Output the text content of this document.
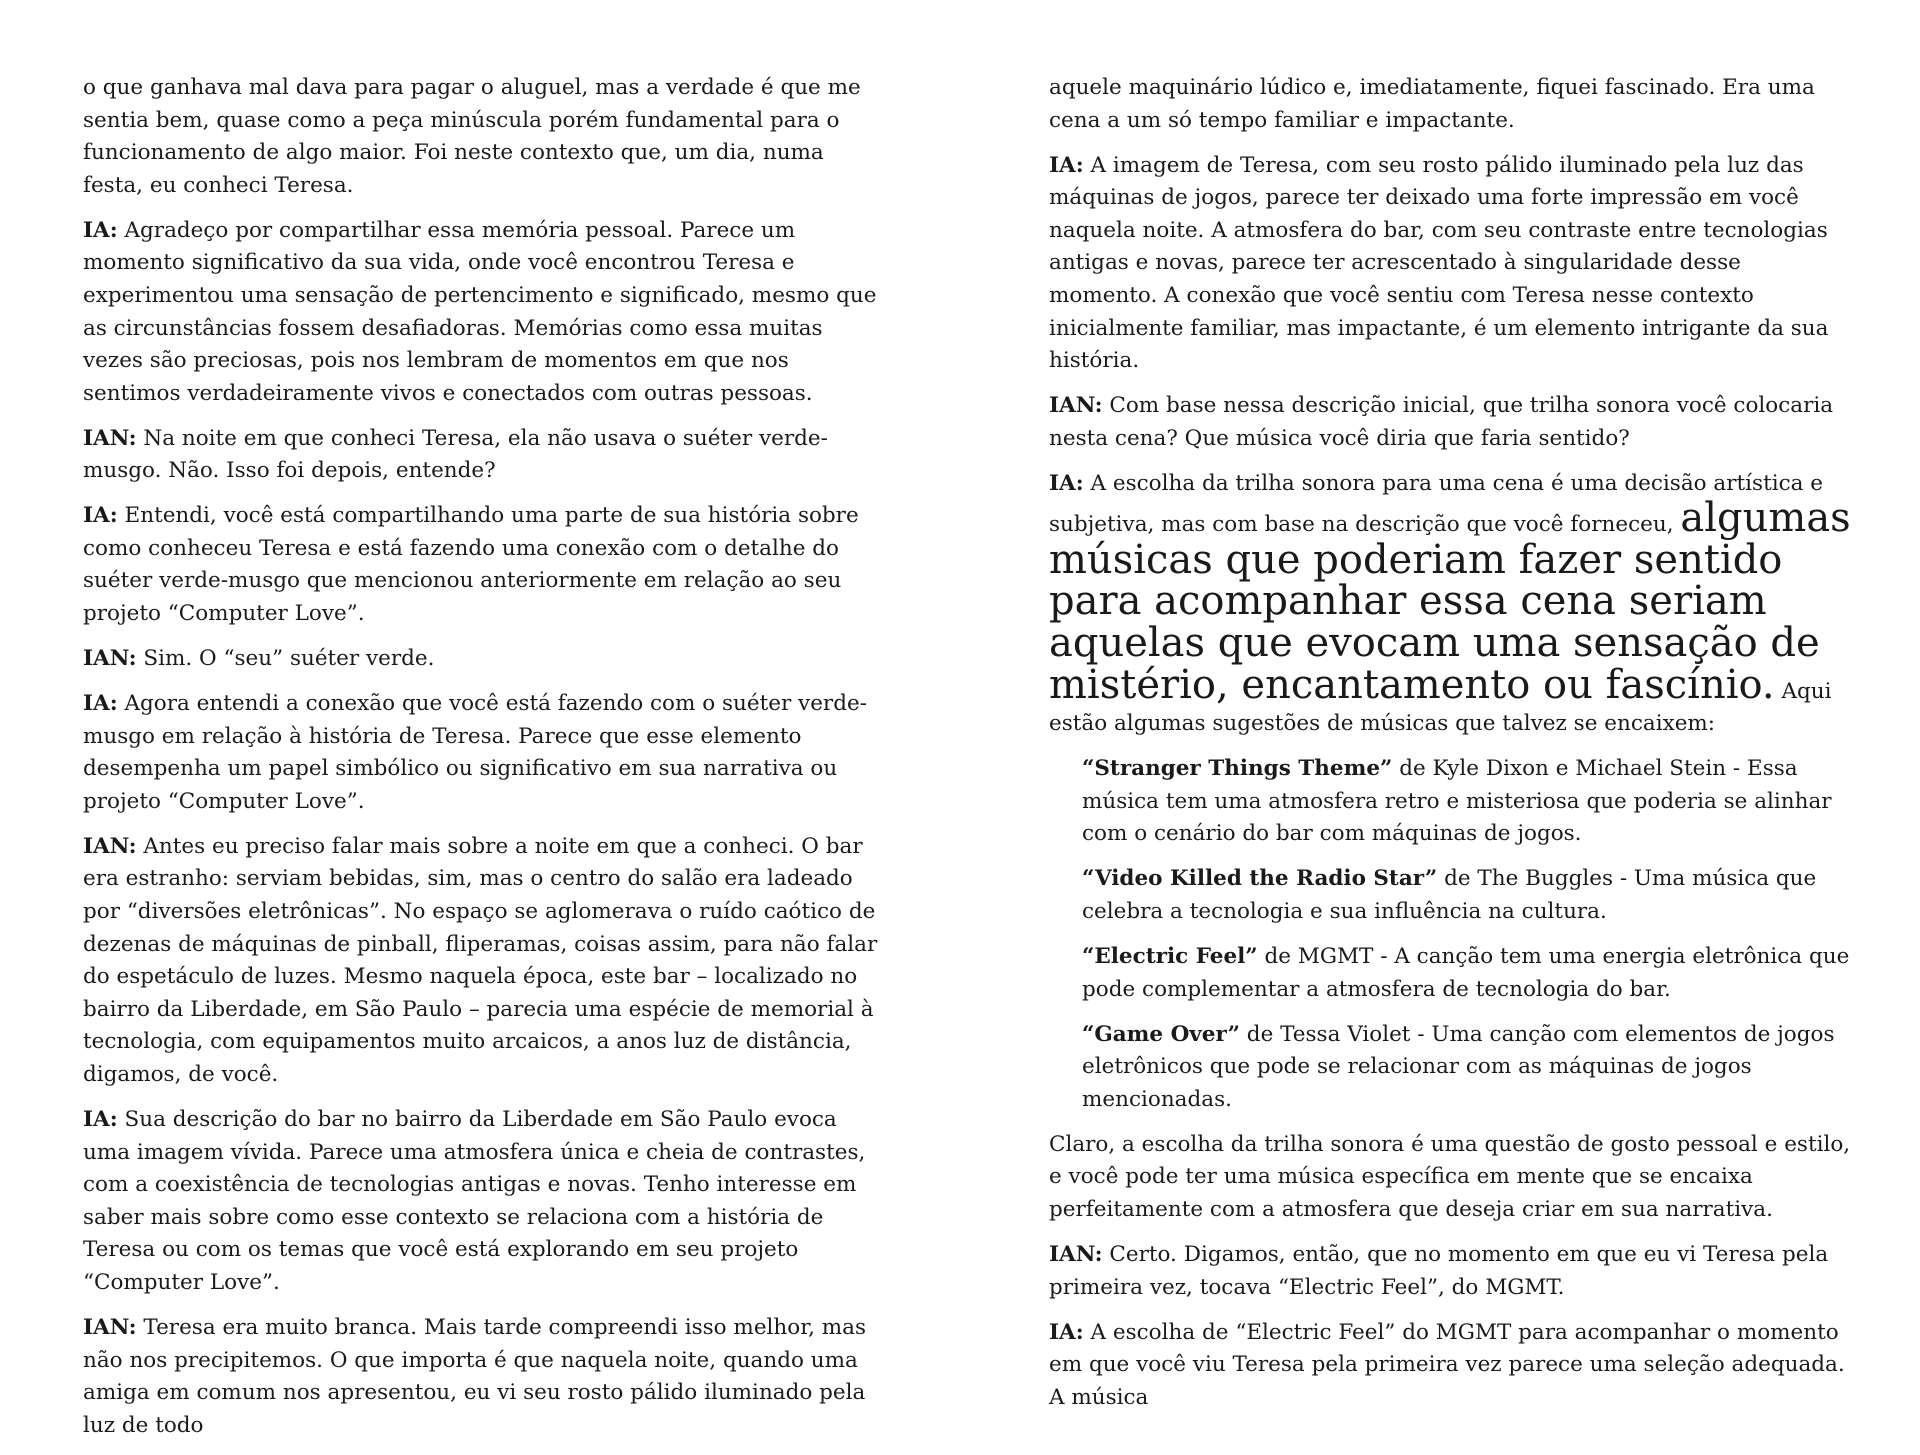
o que ganhava mal dava para pagar o aluguel, mas a verdade é que me sentia bem, quase como a peça minúscula porém fundamental para o funcionamento de algo maior. Foi neste contexto que, um dia, numa festa, eu conheci Teresa.

IA: Agradeço por compartilhar essa memória pessoal. Parece um momento significativo da sua vida, onde você encontrou Teresa e experimentou uma sensação de pertencimento e significado, mesmo que as circunstâncias fossem desafiadoras. Memórias como essa muitas vezes são preciosas, pois nos lembram de momentos em que nos sentimos verdadeiramente vivos e conectados com outras pessoas.

IAN: Na noite em que conheci Teresa, ela não usava o suéter verde-musgo. Não. Isso foi depois, entende?

IA: Entendi, você está compartilhando uma parte de sua história sobre como conheceu Teresa e está fazendo uma conexão com o detalhe do suéter verde-musgo que mencionou anteriormente em relação ao seu projeto “Computer Love”.

IAN: Sim. O “seu” suéter verde.

IA: Agora entendi a conexão que você está fazendo com o suéter verde-musgo em relação à história de Teresa. Parece que esse elemento desempenha um papel simbólico ou significativo em sua narrativa ou projeto “Computer Love”.

IAN: Antes eu preciso falar mais sobre a noite em que a conheci. O bar era estranho: serviam bebidas, sim, mas o centro do salão era ladeado por “diversões eletrônicas”. No espaço se aglomerava o ruído caótico de dezenas de máquinas de pinball, fliperamas, coisas assim, para não falar do espetáculo de luzes. Mesmo naquela época, este bar – localizado no bairro da Liberdade, em São Paulo – parecia uma espécie de memorial à tecnologia, com equipamentos muito arcaicos, a anos luz de distância, digamos, de você.

IA: Sua descrição do bar no bairro da Liberdade em São Paulo evoca uma imagem vívida. Parece uma atmosfera única e cheia de contrastes, com a coexistência de tecnologias antigas e novas. Tenho interesse em saber mais sobre como esse contexto se relaciona com a história de Teresa ou com os temas que você está explorando em seu projeto “Computer Love”.

IAN: Teresa era muito branca. Mais tarde compreendi isso melhor, mas não nos precipitemos. O que importa é que naquela noite, quando uma amiga em comum nos apresentou, eu vi seu rosto pálido iluminado pela luz de todo

aquele maquinário lúdico e, imediatamente, fiquei fascinado. Era uma cena a um só tempo familiar e impactante.

IA: A imagem de Teresa, com seu rosto pálido iluminado pela luz das máquinas de jogos, parece ter deixado uma forte impressão em você naquela noite. A atmosfera do bar, com seu contraste entre tecnologias antigas e novas, parece ter acrescentado à singularidade desse momento. A conexão que você sentiu com Teresa nesse contexto inicialmente familiar, mas impactante, é um elemento intrigante da sua história.

IAN: Com base nessa descrição inicial, que trilha sonora você colocaria nesta cena? Que música você diria que faria sentido?

IA: A escolha da trilha sonora para uma cena é uma decisão artística e subjetiva, mas com base na descrição que você forneceu, algumas músicas que poderiam fazer sentido para acompanhar essa cena seriam aquelas que evocam uma sensação de mistério, encantamento ou fascínio. Aqui estão algumas sugestões de músicas que talvez se encaixem:

“Stranger Things Theme” de Kyle Dixon e Michael Stein - Essa música tem uma atmosfera retro e misteriosa que poderia se alinhar com o cenário do bar com máquinas de jogos.

“Video Killed the Radio Star” de The Buggles - Uma música que celebra a tecnologia e sua influência na cultura.

“Electric Feel” de MGMT - A canção tem uma energia eletrônica que pode complementar a atmosfera de tecnologia do bar.

“Game Over” de Tessa Violet - Uma canção com elementos de jogos eletrônicos que pode se relacionar com as máquinas de jogos mencionadas.

Claro, a escolha da trilha sonora é uma questão de gosto pessoal e estilo, e você pode ter uma música específica em mente que se encaixa perfeitamente com a atmosfera que deseja criar em sua narrativa.

IAN: Certo. Digamos, então, que no momento em que eu vi Teresa pela primeira vez, tocava “Electric Feel”, do MGMT.

IA: A escolha de “Electric Feel” do MGMT para acompanhar o momento em que você viu Teresa pela primeira vez parece uma seleção adequada. A música
